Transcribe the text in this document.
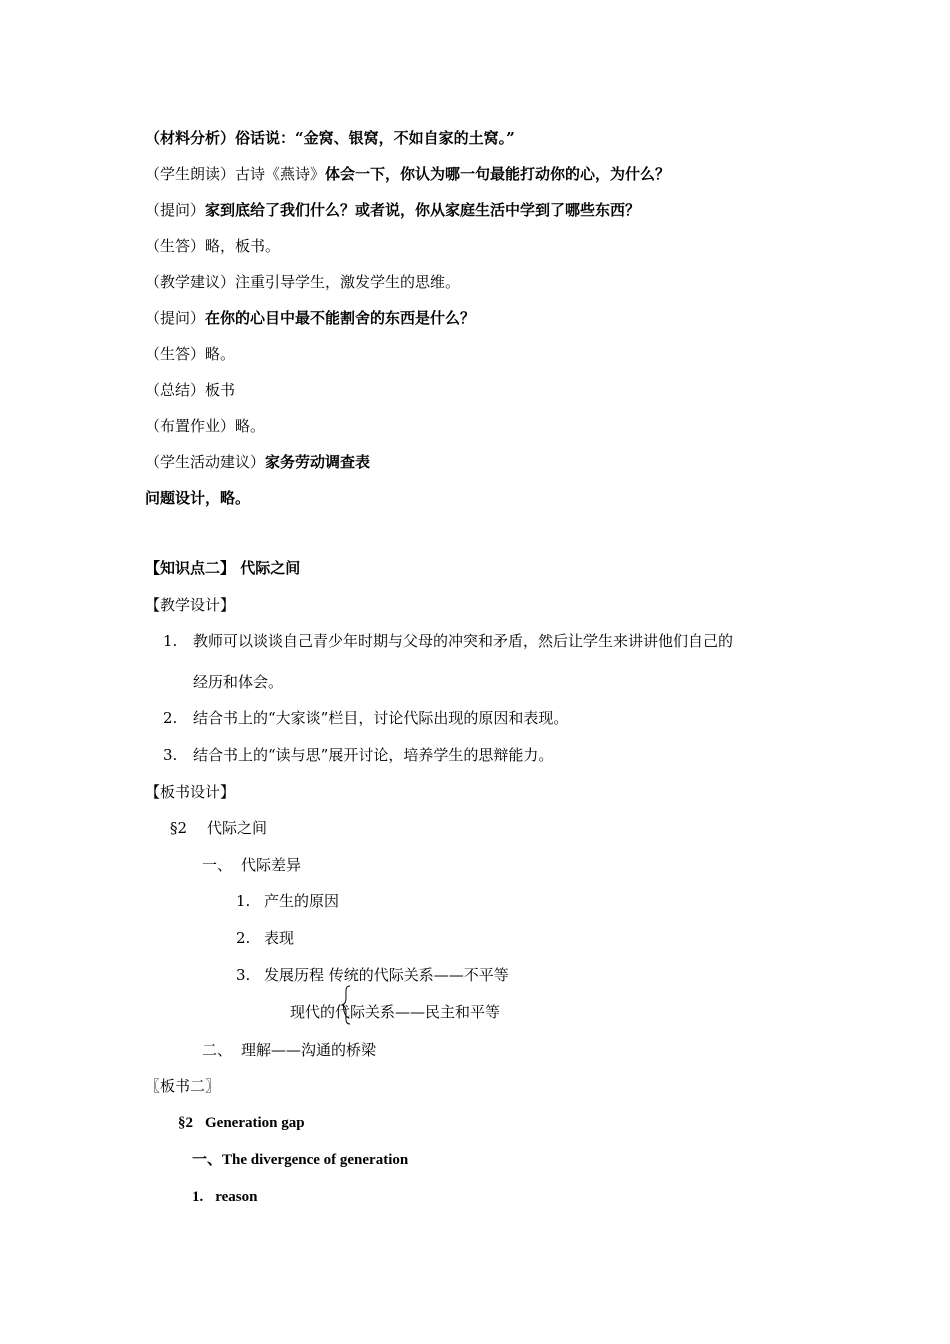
（材料分析）俗话说：“金窝、银窝，不如自家的土窝。”
（学生朗读）古诗《燕诗》体会一下，你认为哪一句最能打动你的心，为什么？
（提问）家到底给了我们什么？或者说，你从家庭生活中学到了哪些东西？
（生答）略，板书。
（教学建议）注重引导学生，激发学生的思维。
（提问）在你的心目中最不能割舍的东西是什么？
（生答）略。
（总结）板书
（布置作业）略。
（学生活动建议）家务劳动调查表
问题设计，略。
【知识点二】 代际之间
【教学设计】
1. 教师可以谈谈自己青少年时期与父母的冲突和矛盾，然后让学生来讲讲他们自己的
经历和体会。
2. 结合书上的“大家谈”栏目，讨论代际出现的原因和表现。
3. 结合书上的“读与思”展开讨论，培养学生的思辩能力。
【板书设计】
§2 代际之间
一、 代际差异
1. 产生的原因
2. 表现
3. 发展历程 传统的代际关系——不平等
现代的代际关系——民主和平等
二、 理解——沟通的桥梁
〖板书二〗
§2 Generation gap
一、The divergence of generation
1. reason
